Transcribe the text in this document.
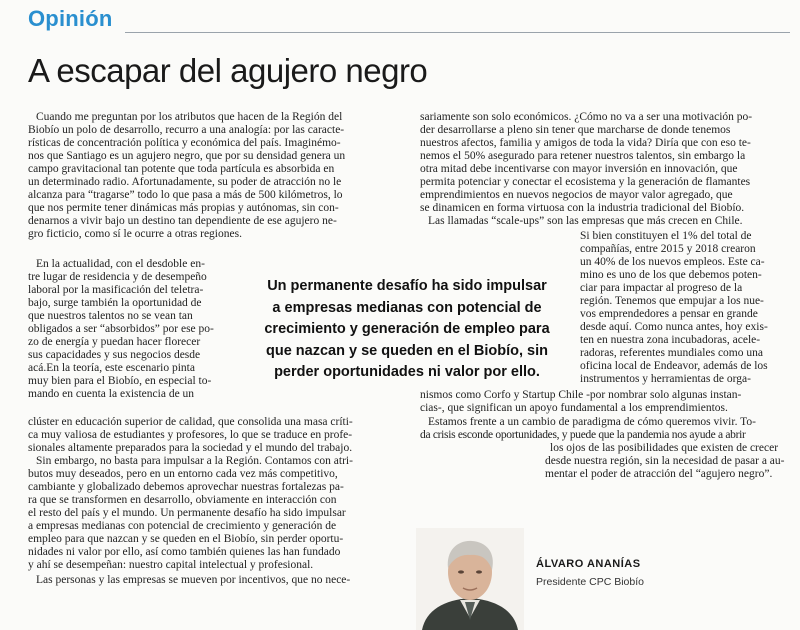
Opinión
A escapar del agujero negro

Cuando me preguntan por los atributos que hacen de la Región del

Biobío un polo de desarrollo, recurro a una analogía: por las caracte-

rísticas de concentración política y económica del país. Imaginémo-

nos que Santiago es un agujero negro, que por su densidad genera un

campo gravitacional tan potente que toda partícula es absorbida en

un determinado radio. Afortunadamente, su poder de atracción no le

alcanza para “tragarse” todo lo que pasa a más de 500 kilómetros, lo

que nos permite tener dinámicas más propias y autónomas, sin con-

denarnos a vivir bajo un destino tan dependiente de ese agujero ne-

gro ficticio, como sí le ocurre a otras regiones.

En la actualidad, con el desdoble en-

tre lugar de residencia y de desempeño

laboral por la masificación del teletra-

bajo, surge también la oportunidad de

que nuestros talentos no se vean tan

obligados a ser “absorbidos” por ese po-

zo de energía y puedan hacer florecer

sus capacidades y sus negocios desde

acá.En la teoría, este escenario pinta

muy bien para el Biobío, en especial to-

mando en cuenta la existencia de un

clúster en educación superior de calidad, que consolida una masa críti-

ca muy valiosa de estudiantes y profesores, lo que se traduce en profe-

sionales altamente preparados para la sociedad y el mundo del trabajo.

Sin embargo, no basta para impulsar a la Región. Contamos con atri-

butos muy deseados, pero en un entorno cada vez más competitivo,

cambiante y globalizado debemos aprovechar nuestras fortalezas pa-

ra que se transformen en desarrollo, obviamente en interacción con

el resto del país y el mundo. Un permanente desafío ha sido impulsar

a empresas medianas con potencial de crecimiento y generación de

empleo para que nazcan y se queden en el Biobío, sin perder oportu-

nidades ni valor por ello, así como también quienes las han fundado

y ahí se desempeñan: nuestro capital intelectual y profesional.

Las personas y las empresas se mueven por incentivos, que no nece-

sariamente son solo económicos. ¿Cómo no va a ser una motivación po-

der desarrollarse a pleno sin tener que marcharse de donde tenemos

nuestros afectos, familia y amigos de toda la vida? Diría que con eso te-

nemos el 50% asegurado para retener nuestros talentos, sin embargo la

otra mitad debe incentivarse con mayor inversión en innovación, que

permita potenciar y conectar el ecosistema y la generación de flamantes

emprendimientos en nuevos negocios de mayor valor agregado, que

se dinamicen en forma virtuosa con la industria tradicional del Biobío.

Las llamadas “scale-ups” son las empresas que más crecen en Chile.

Si bien constituyen el 1% del total de

compañías, entre 2015 y 2018 crearon

un 40% de los nuevos empleos. Este ca-

mino es uno de los que debemos poten-

ciar para impactar al progreso de la

región. Tenemos que empujar a los nue-

vos emprendedores a pensar en grande

desde aquí. Como nunca antes, hoy exis-

ten en nuestra zona incubadoras, acele-

radoras, referentes mundiales como una

oficina local de Endeavor, además de los

instrumentos y herramientas de orga-

nismos como Corfo y Startup Chile -por nombrar solo algunas instan-

cias-, que significan un apoyo fundamental a los emprendimientos.

Estamos frente a un cambio de paradigma de cómo queremos vivir. To-

da crisis esconde oportunidades, y puede que la pandemia nos ayude a abrir

los ojos de las posibilidades que existen de crecer

desde nuestra región, sin la necesidad de pasar a au-

mentar el poder de atracción del “agujero negro”.

Un permanente desafío ha sido impulsar a empresas medianas con potencial de crecimiento y generación de empleo para que nazcan y se queden en el Biobío, sin perder oportunidades ni valor por ello.

ÁLVARO ANANÍAS

Presidente CPC Biobío
